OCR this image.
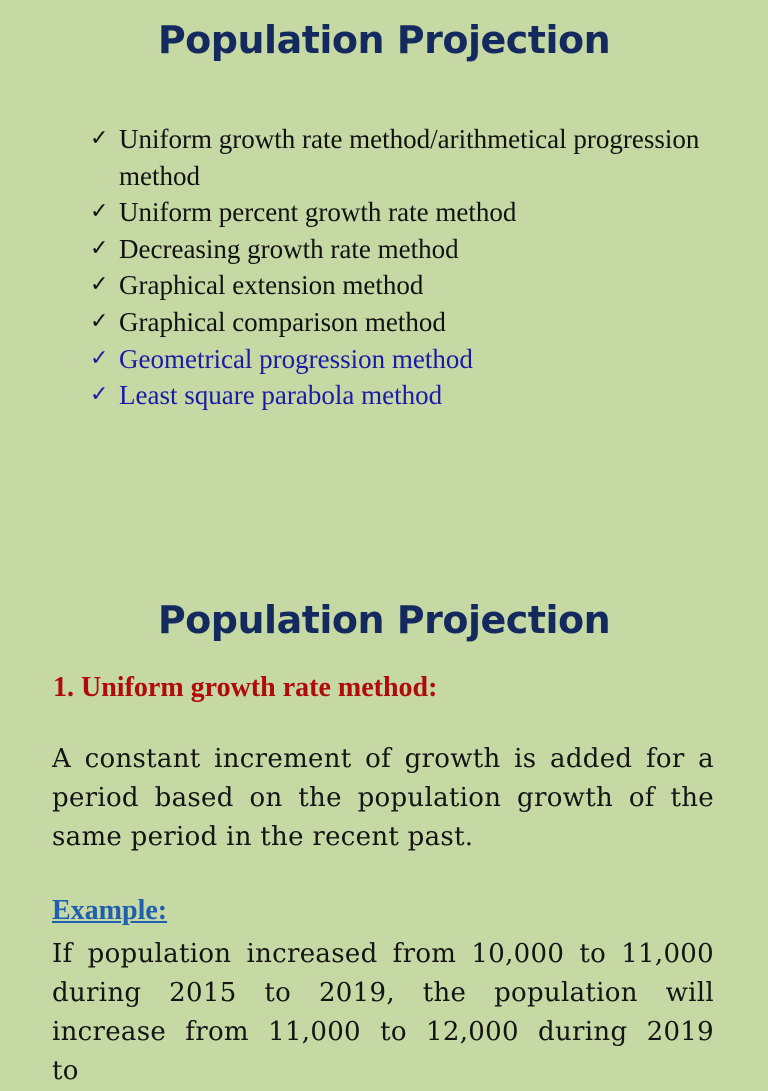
Population Projection
✓ Uniform growth rate method/arithmetical progression method
✓ Uniform percent growth rate method
✓ Decreasing growth rate method
✓ Graphical extension method
✓ Graphical comparison method
✓ Geometrical progression method
✓ Least square parabola method
Population Projection
1. Uniform growth rate method:

A constant increment of growth is added for a period based on the population growth of the same period in the recent past.

Example:

If population increased from 10,000 to 11,000 during 2015 to 2019, the population will increase from 11,000 to 12,000 during 2019 to
